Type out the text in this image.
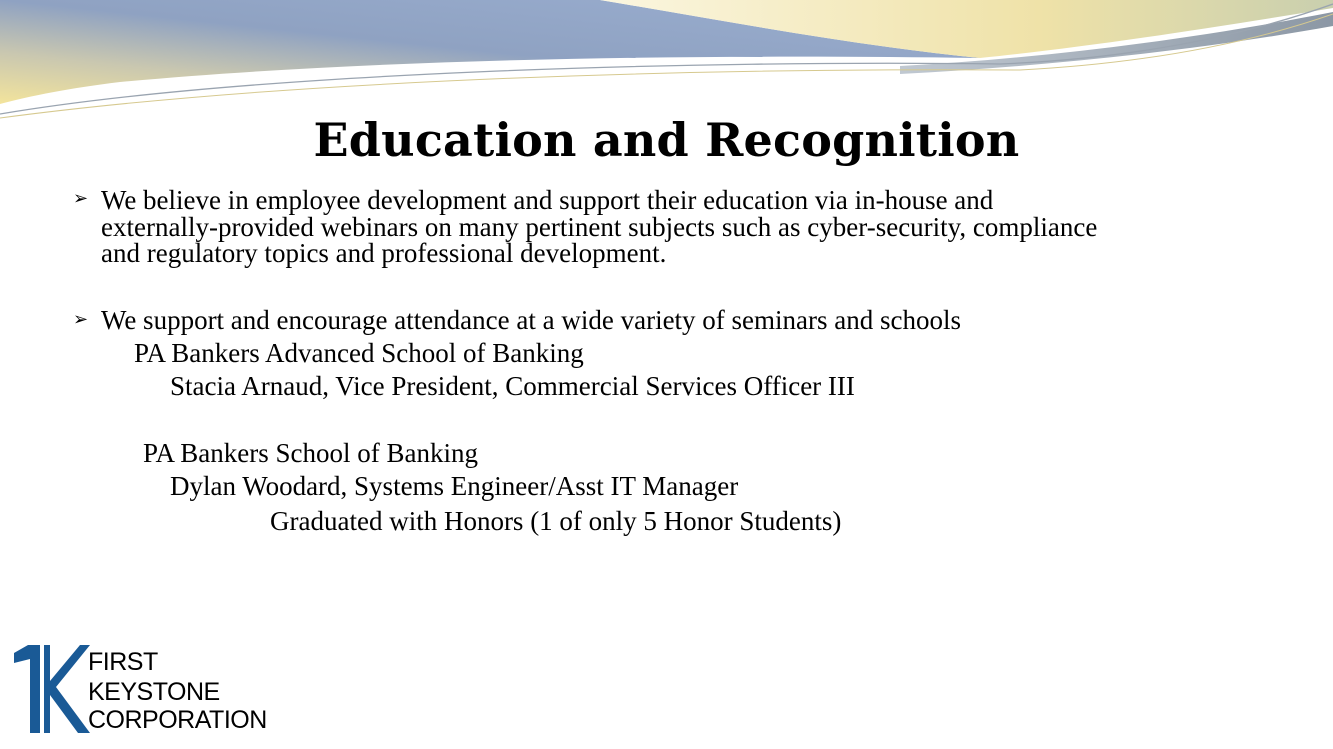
Education and Recognition
➢ We believe in employee development and support their education via in-house and
externally-provided webinars on many pertinent subjects such as cyber-security, compliance
and regulatory topics and professional development.
➢ We support and encourage attendance at a wide variety of seminars and schools
PA Bankers Advanced School of Banking
Stacia Arnaud, Vice President, Commercial Services Officer III
PA Bankers School of Banking
Dylan Woodard, Systems Engineer/Asst IT Manager
Graduated with Honors (1 of only 5 Honor Students)
FIRST
KEYSTONE
CORPORATION
